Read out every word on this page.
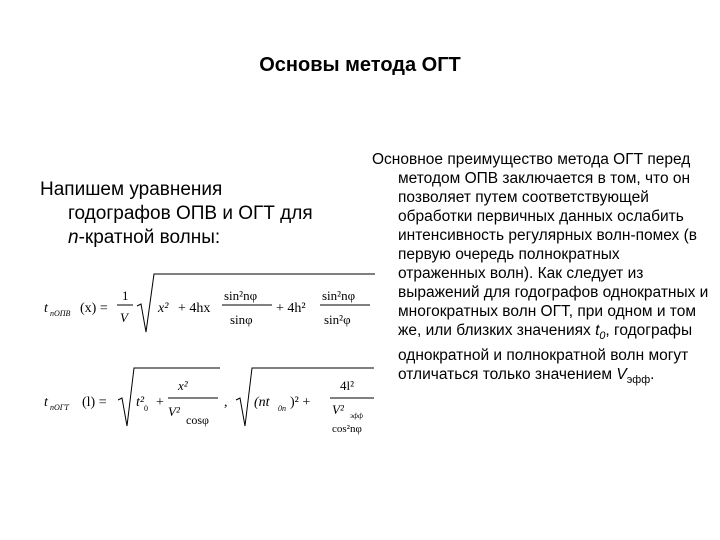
Основы метода ОГТ
Напишем уравнения
годографов ОПВ и ОГТ для
n-кратной волны:
t nОПВ (x) =
1
V
x² + 4hx
sin²nφ
sinφ
+ 4h²
sin²nφ
sin²φ
t nОГТ (l) = t² 0 +
x²
V²
cosφ
, (nt 0n )² +
4l²
V² эфф
cos²nφ
Основное преимущество метода ОГТ перед методом ОПВ заключается в том, что он позволяет путем соответствующей обработки первичных данных ослабить интенсивность регулярных волн-помех (в первую очередь полнократных отраженных волн). Как следует из выражений для годографов однократных и многократных волн ОГТ, при одном и том же, или близких значениях $t_0$, годографы однократной и полнократной волн могут отличаться только значением $V_{эфф}$.
